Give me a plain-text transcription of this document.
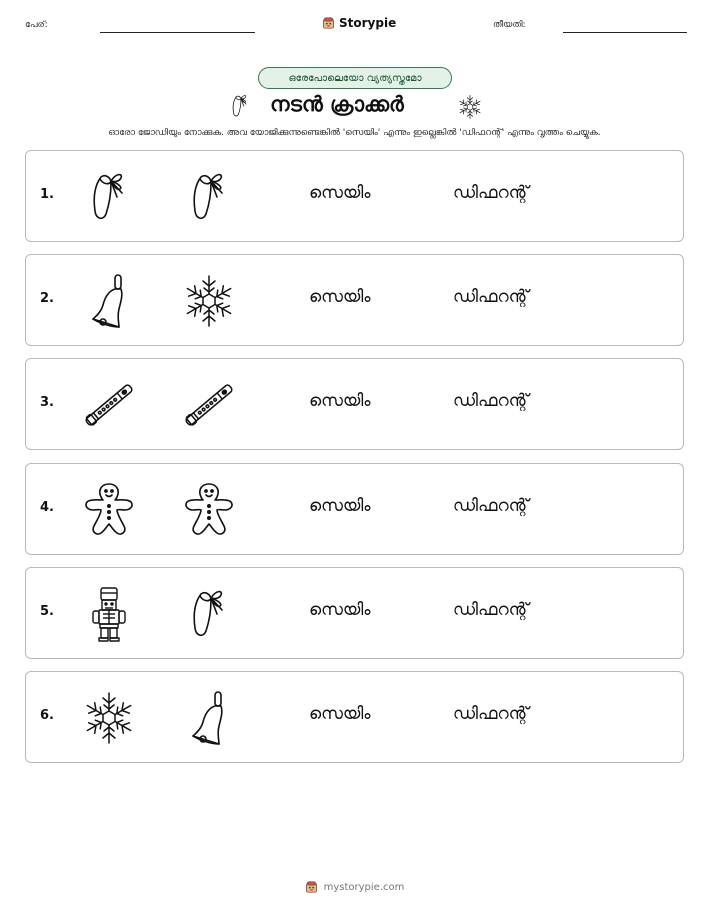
പേര്:	Storypie	തീയതി:
ഒരേപോലെയോ വ്യത്യസ്തമോ
നടൻ ക്രാക്കർ
ഓരോ ജോഡിയും നോക്കുക. അവ യോജിക്കുന്നുണ്ടെങ്കിൽ 'സെയിം' എന്നും ഇല്ലെങ്കിൽ 'ഡിഫറന്റ്' എന്നും വൃത്തം ചെയ്യുക.
1.	സെയിം	ഡിഫറന്റ്
2.	സെയിം	ഡിഫറന്റ്
3.	സെയിം	ഡിഫറന്റ്
4.	സെയിം	ഡിഫറന്റ്
5.	സെയിം	ഡിഫറന്റ്
6.	സെയിം	ഡിഫറന്റ്
mystorypie.com
